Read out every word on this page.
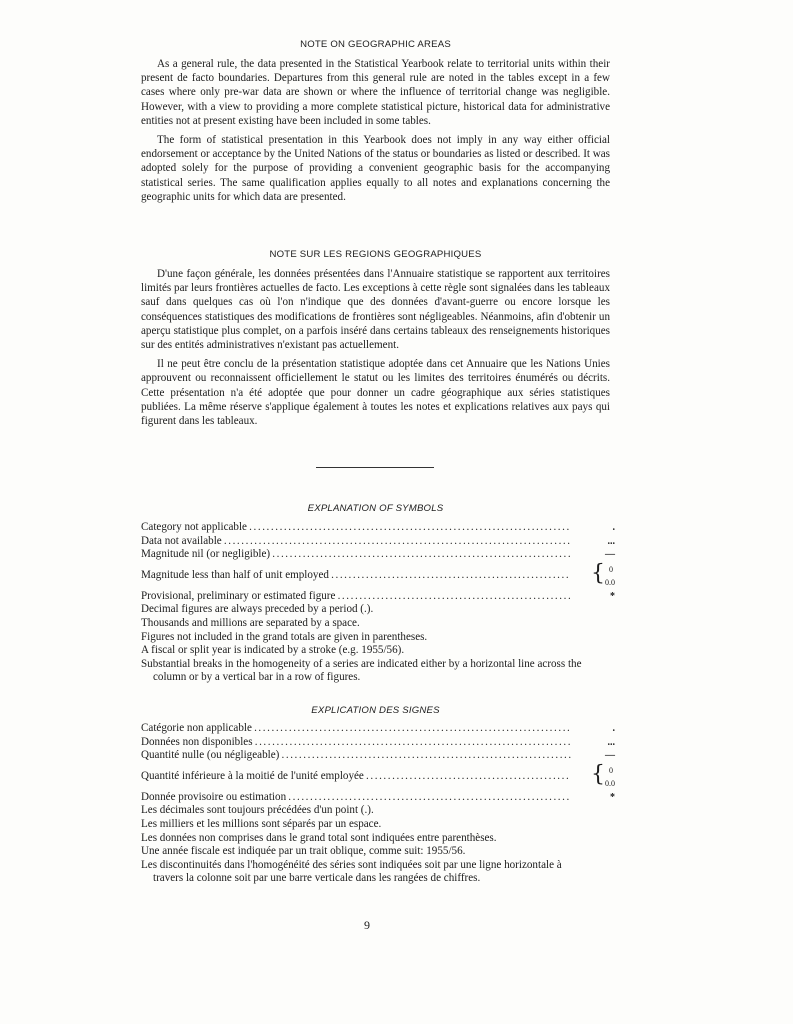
NOTE ON GEOGRAPHIC AREAS

As a general rule, the data presented in the Statistical Yearbook relate to territorial units within their present de facto boundaries. Departures from this general rule are noted in the tables except in a few cases where only pre-war data are shown or where the influence of territorial change was negligible. However, with a view to providing a more complete statistical picture, historical data for administrative entities not at present existing have been included in some tables.

The form of statistical presentation in this Yearbook does not imply in any way either official endorsement or acceptance by the United Nations of the status or boundaries as listed or described. It was adopted solely for the purpose of providing a convenient geographic basis for the accompanying statistical series. The same qualification applies equally to all notes and explanations concerning the geographic units for which data are presented.

NOTE SUR LES REGIONS GEOGRAPHIQUES

D'une façon générale, les données présentées dans l'Annuaire statistique se rapportent aux territoires limités par leurs frontières actuelles de facto. Les exceptions à cette règle sont signalées dans les tableaux sauf dans quelques cas où l'on n'indique que des données d'avant-guerre ou encore lorsque les conséquences statistiques des modifications de frontières sont négligeables. Néanmoins, afin d'obtenir un aperçu statistique plus complet, on a parfois inséré dans certains tableaux des renseignements historiques sur des entités administratives n'existant pas actuellement.

Il ne peut être conclu de la présentation statistique adoptée dans cet Annuaire que les Nations Unies approuvent ou reconnaissent officiellement le statut ou les limites des territoires énumérés ou décrits. Cette présentation n'a été adoptée que pour donner un cadre géographique aux séries statistiques publiées. La même réserve s'applique également à toutes les notes et explications relatives aux pays qui figurent dans les tableaux.

EXPLANATION OF SYMBOLS
Category not applicable . . .	.
Data not available . . .	...
Magnitude nil (or negligible) . . .	—
Magnitude less than half of unit employed . . .	{ 0
0.0
Provisional, preliminary or estimated figure . . .	*

Decimal figures are always preceded by a period (.).

Thousands and millions are separated by a space.

Figures not included in the grand totals are given in parentheses.

A fiscal or split year is indicated by a stroke (e.g. 1955/56).

Substantial breaks in the homogeneity of a series are indicated either by a horizontal line across the column or by a vertical bar in a row of figures.

EXPLICATION DES SIGNES
Catégorie non applicable . . .	.
Données non disponibles . . .	...
Quantité nulle (ou négligeable) . . .	—
Quantité inférieure à la moitié de l'unité employée . . .	{ 0
0.0
Donnée provisoire ou estimation . . .	*

Les décimales sont toujours précédées d'un point (.).

Les milliers et les millions sont séparés par un espace.

Les données non comprises dans le grand total sont indiquées entre parenthèses.

Une année fiscale est indiquée par un trait oblique, comme suit: 1955/56.

Les discontinuités dans l'homogénéité des séries sont indiquées soit par une ligne horizontale à travers la colonne soit par une barre verticale dans les rangées de chiffres.

9
